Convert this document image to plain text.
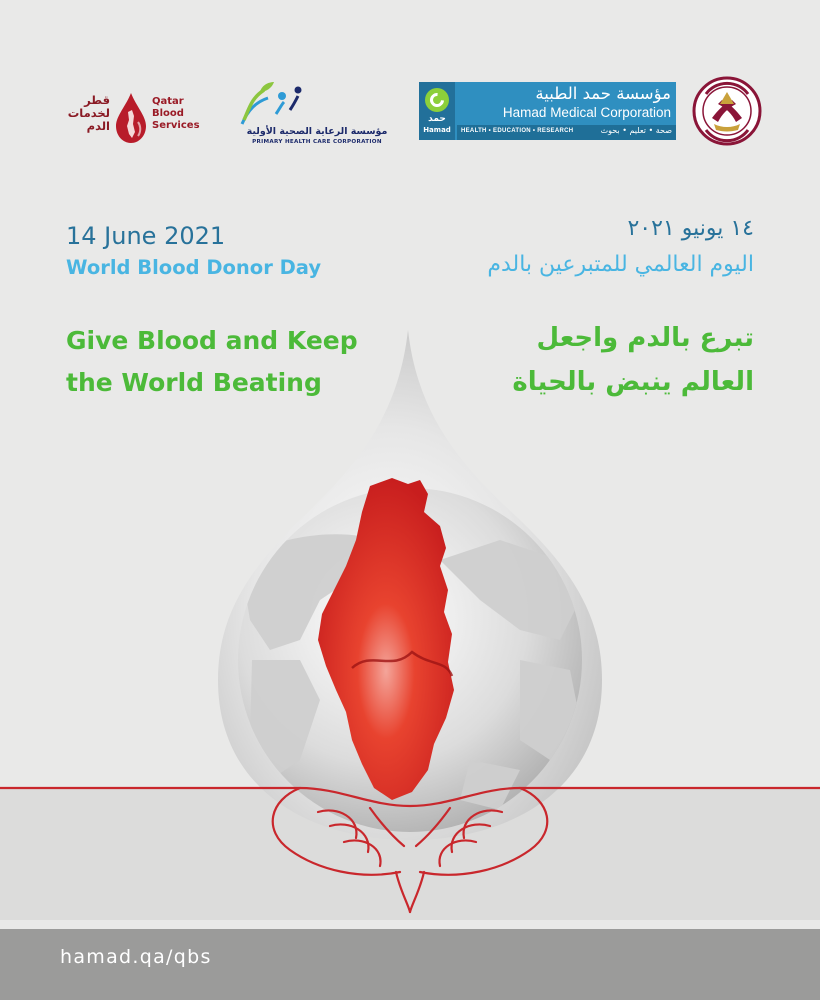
قطر
لخدمات
الدم
Qatar
Blood
Services
مؤسسة الرعاية الصحية الأولية
PRIMARY HEALTH CARE CORPORATION
حمد
Hamad
مؤسسة حمد الطبية
Hamad Medical Corporation
HEALTH • EDUCATION • RESEARCH	صحة • تعليم • بحوث
14 June 2021
World Blood Donor Day
Give Blood and Keep
the World Beating
١٤ يونيو ٢٠٢١
اليوم العالمي للمتبرعين بالدم
تبرع بالدم واجعل
العالم ينبض بالحياة
hamad.qa/qbs
